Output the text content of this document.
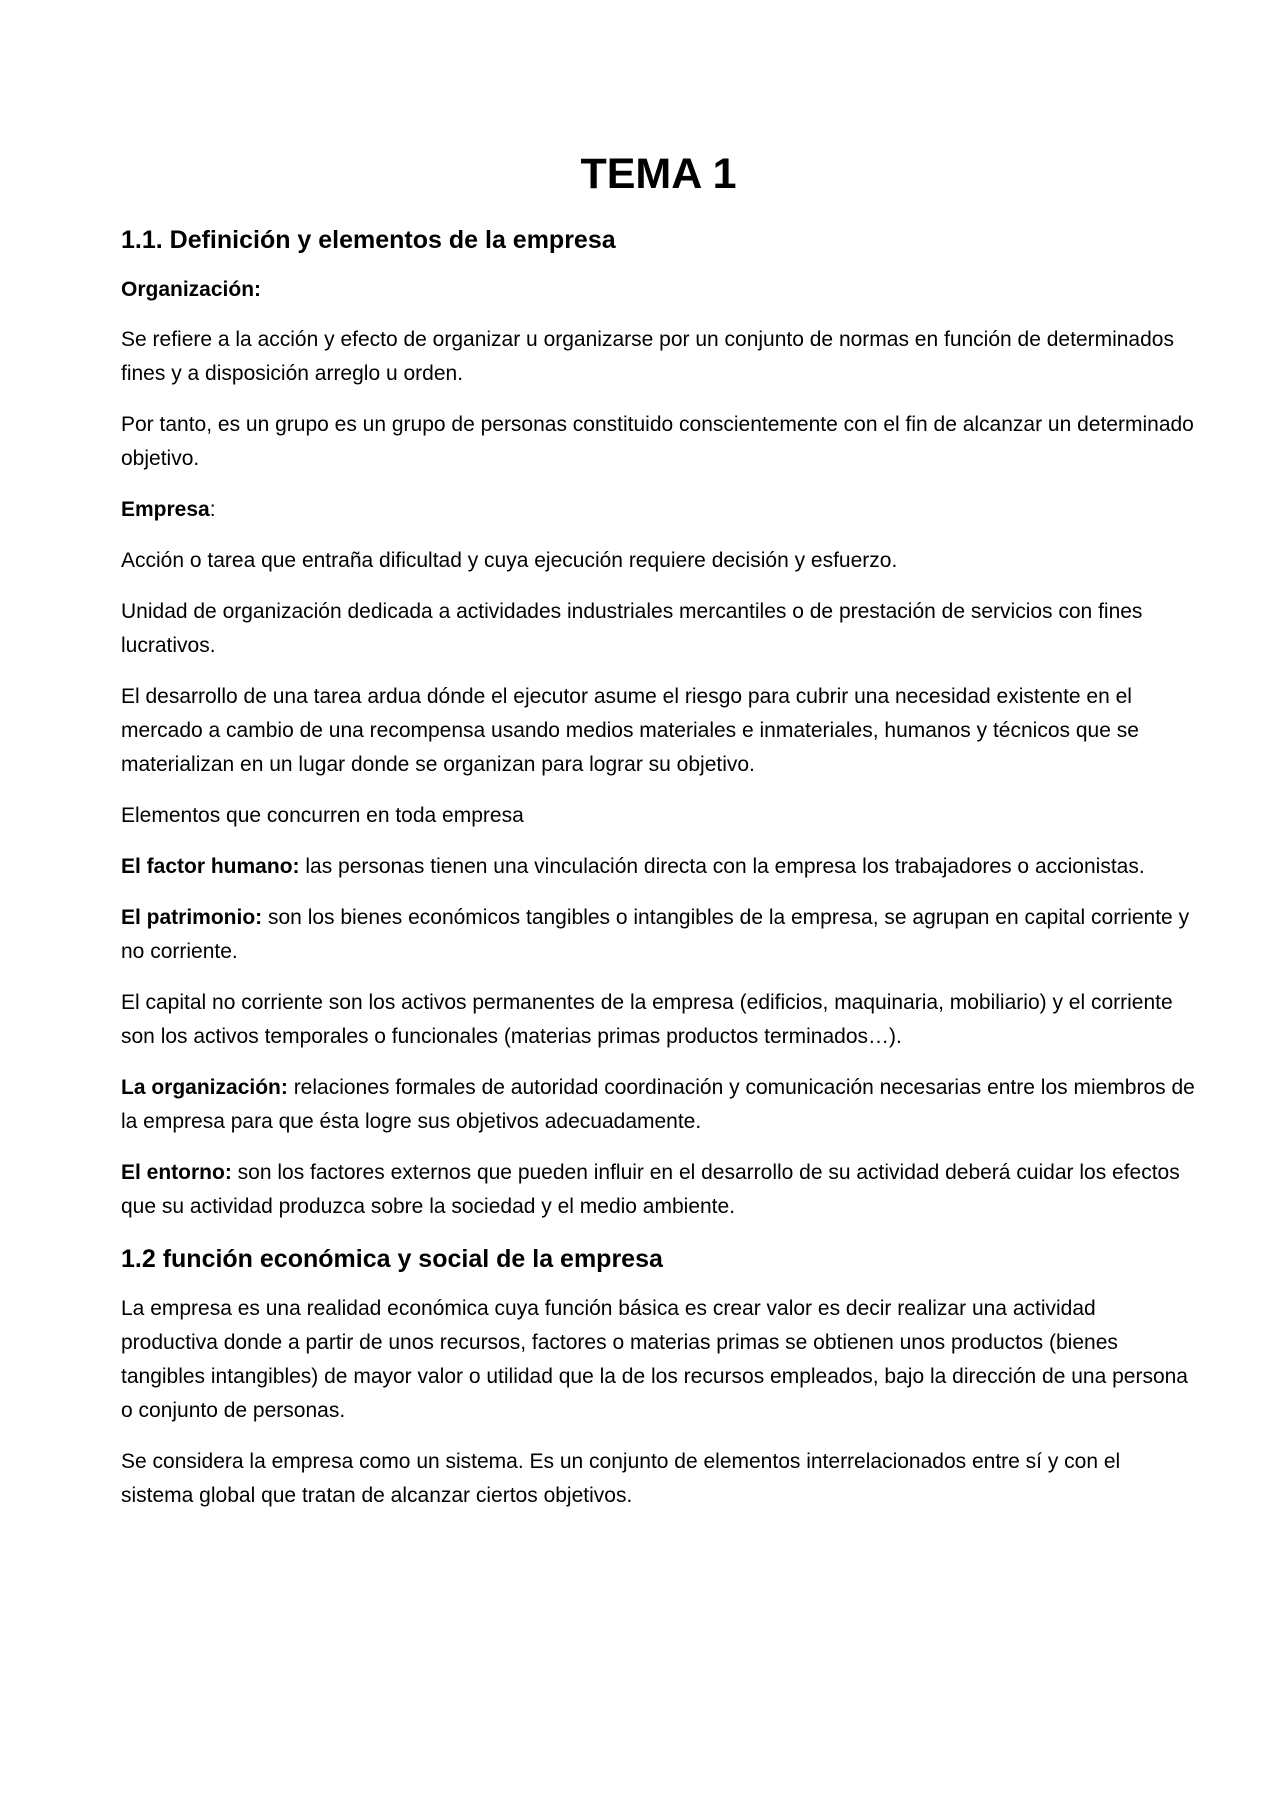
TEMA 1
1.1. Definición y elementos de la empresa
Organización:

Se refiere a la acción y efecto de organizar u organizarse por un conjunto de normas en función de determinados fines y a disposición arreglo u orden.

Por tanto, es un grupo es un grupo de personas constituido conscientemente con el fin de alcanzar un determinado objetivo.

Empresa:

Acción o tarea que entraña dificultad y cuya ejecución requiere decisión y esfuerzo.

Unidad de organización dedicada a actividades industriales mercantiles o de prestación de servicios con fines lucrativos.

El desarrollo de una tarea ardua dónde el ejecutor asume el riesgo para cubrir una necesidad existente en el mercado a cambio de una recompensa usando medios materiales e inmateriales, humanos y técnicos que se materializan en un lugar donde se organizan para lograr su objetivo.

Elementos que concurren en toda empresa

El factor humano: las personas tienen una vinculación directa con la empresa los trabajadores o accionistas.

El patrimonio: son los bienes económicos tangibles o intangibles de la empresa, se agrupan en capital corriente y no corriente.

El capital no corriente son los activos permanentes de la empresa (edificios, maquinaria, mobiliario) y el corriente son los activos temporales o funcionales (materias primas productos terminados…).

La organización: relaciones formales de autoridad coordinación y comunicación necesarias entre los miembros de la empresa para que ésta logre sus objetivos adecuadamente.

El entorno: son los factores externos que pueden influir en el desarrollo de su actividad deberá cuidar los efectos que su actividad produzca sobre la sociedad y el medio ambiente.

1.2 función económica y social de la empresa

La empresa es una realidad económica cuya función básica es crear valor es decir realizar una actividad productiva donde a partir de unos recursos, factores o materias primas se obtienen unos productos (bienes tangibles intangibles) de mayor valor o utilidad que la de los recursos empleados, bajo la dirección de una persona o conjunto de personas.

Se considera la empresa como un sistema. Es un conjunto de elementos interrelacionados entre sí y con el sistema global que tratan de alcanzar ciertos objetivos.
